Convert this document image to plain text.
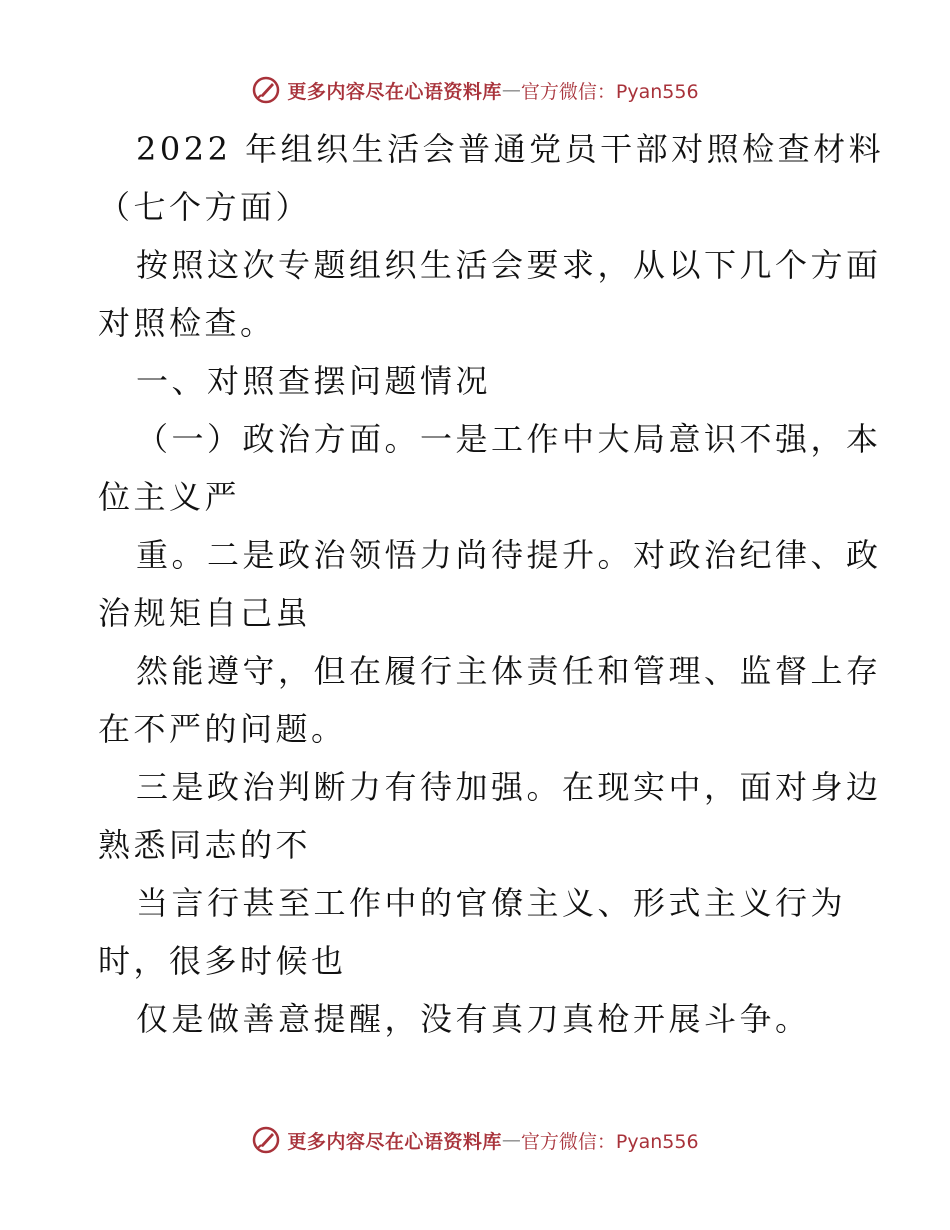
更多内容尽在心语资料库 — 官方微信：Pyan556
2022 年组织生活会普通党员干部对照检查材料
（七个方面）
按照这次专题组织生活会要求，从以下几个方面
对照检查。
一、对照查摆问题情况
（一）政治方面。一是工作中大局意识不强，本
位主义严
重。二是政治领悟力尚待提升。对政治纪律、政
治规矩自己虽
然能遵守，但在履行主体责任和管理、监督上存
在不严的问题。
三是政治判断力有待加强。在现实中，面对身边
熟悉同志的不
当言行甚至工作中的官僚主义、形式主义行为
时，很多时候也
仅是做善意提醒，没有真刀真枪开展斗争。
更多内容尽在心语资料库 — 官方微信：Pyan556
